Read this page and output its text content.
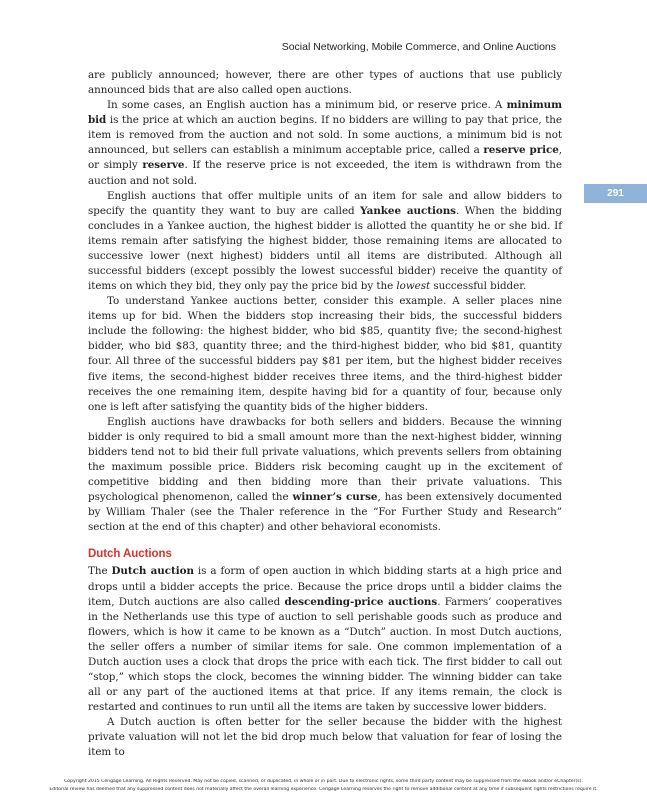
Social Networking, Mobile Commerce, and Online Auctions
291

are publicly announced; however, there are other types of auctions that use publicly announced bids that are also called open auctions.

In some cases, an English auction has a minimum bid, or reserve price. A minimum bid is the price at which an auction begins. If no bidders are willing to pay that price, the item is removed from the auction and not sold. In some auctions, a minimum bid is not announced, but sellers can establish a minimum acceptable price, called a reserve price, or simply reserve. If the reserve price is not exceeded, the item is withdrawn from the auction and not sold.

English auctions that offer multiple units of an item for sale and allow bidders to specify the quantity they want to buy are called Yankee auctions. When the bidding concludes in a Yankee auction, the highest bidder is allotted the quantity he or she bid. If items remain after satisfying the highest bidder, those remaining items are allocated to successive lower (next highest) bidders until all items are distributed. Although all successful bidders (except possibly the lowest successful bidder) receive the quantity of items on which they bid, they only pay the price bid by the lowest successful bidder.

To understand Yankee auctions better, consider this example. A seller places nine items up for bid. When the bidders stop increasing their bids, the successful bidders include the following: the highest bidder, who bid $85, quantity five; the second-highest bidder, who bid $83, quantity three; and the third-highest bidder, who bid $81, quantity four. All three of the successful bidders pay $81 per item, but the highest bidder receives five items, the second-highest bidder receives three items, and the third-highest bidder receives the one remaining item, despite having bid for a quantity of four, because only one is left after satisfying the quantity bids of the higher bidders.

English auctions have drawbacks for both sellers and bidders. Because the winning bidder is only required to bid a small amount more than the next-highest bidder, winning bidders tend not to bid their full private valuations, which prevents sellers from obtaining the maximum possible price. Bidders risk becoming caught up in the excitement of competitive bidding and then bidding more than their private valuations. This psychological phenomenon, called the winner’s curse, has been extensively documented by William Thaler (see the Thaler reference in the “For Further Study and Research” section at the end of this chapter) and other behavioral economists.

Dutch Auctions

The Dutch auction is a form of open auction in which bidding starts at a high price and drops until a bidder accepts the price. Because the price drops until a bidder claims the item, Dutch auctions are also called descending-price auctions. Farmers’ cooperatives in the Netherlands use this type of auction to sell perishable goods such as produce and flowers, which is how it came to be known as a “Dutch” auction. In most Dutch auctions, the seller offers a number of similar items for sale. One common implementation of a Dutch auction uses a clock that drops the price with each tick. The first bidder to call out “stop,” which stops the clock, becomes the winning bidder. The winning bidder can take all or any part of the auctioned items at that price. If any items remain, the clock is restarted and continues to run until all the items are taken by successive lower bidders.

A Dutch auction is often better for the seller because the bidder with the highest private valuation will not let the bid drop much below that valuation for fear of losing the item to

Copyright 2015 Cengage Learning. All Rights Reserved. May not be copied, scanned, or duplicated, in whole or in part. Due to electronic rights, some third party content may be suppressed from the eBook and/or eChapter(s).
Editorial review has deemed that any suppressed content does not materially affect the overall learning experience. Cengage Learning reserves the right to remove additional content at any time if subsequent rights restrictions require it.
